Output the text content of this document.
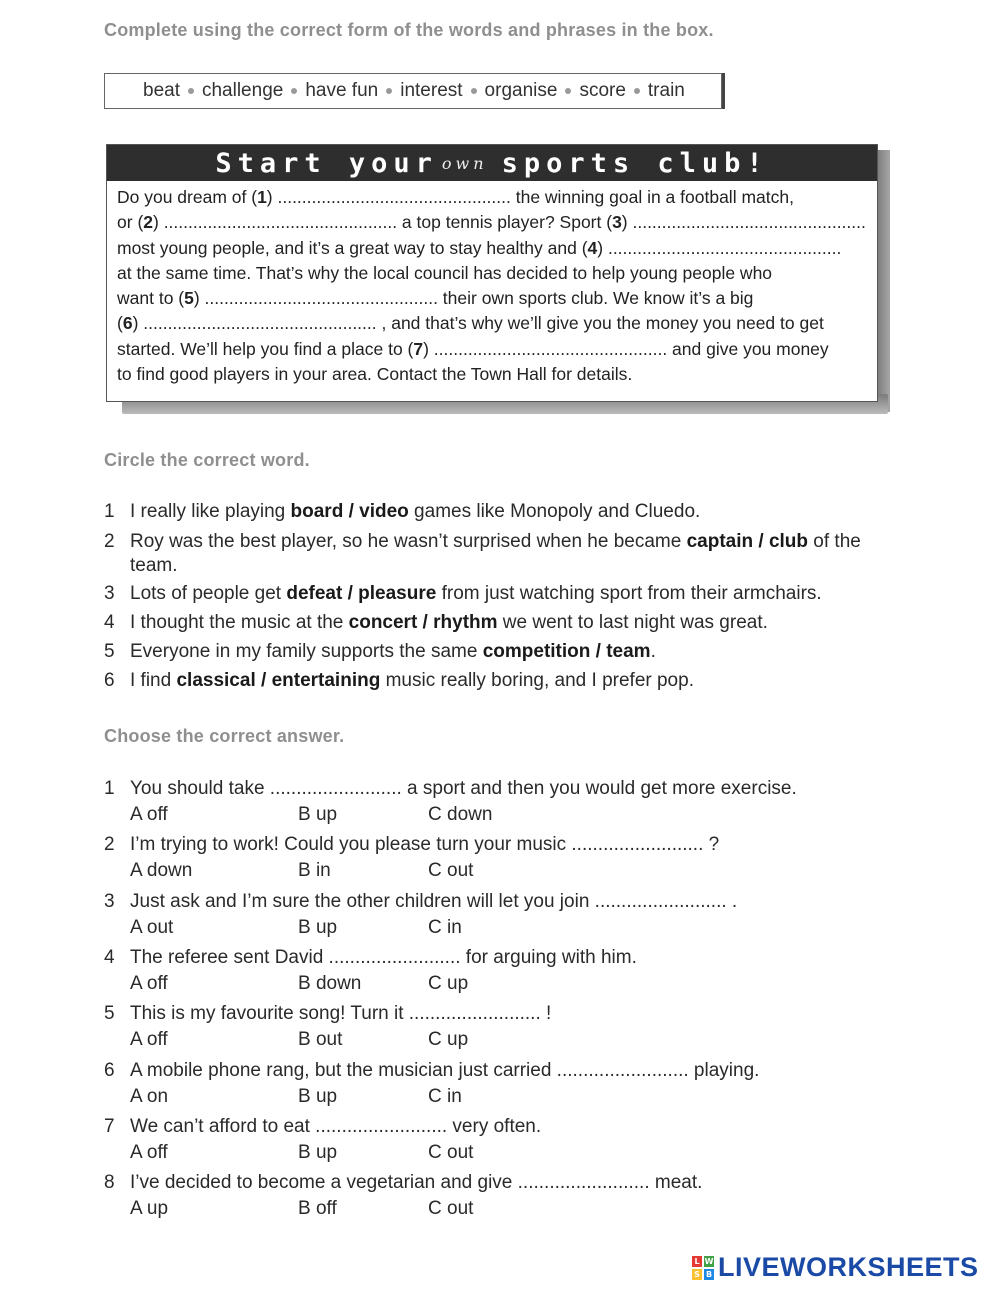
Complete using the correct form of the words and phrases in the box.
beat challenge have fun interest organise score train
Start your own sports club!
Do you dream of (1) ................................................ the winning goal in a football match,
or (2) ................................................ a top tennis player? Sport (3) ................................................
most young people, and it’s a great way to stay healthy and (4) ................................................
at the same time. That’s why the local council has decided to help young people who
want to (5) ................................................ their own sports club. We know it’s a big
(6) ................................................ , and that’s why we’ll give you the money you need to get
started. We’ll help you find a place to (7) ................................................ and give you money
to find good players in your area. Contact the Town Hall for details.
Circle the correct word.
1 I really like playing board / video games like Monopoly and Cluedo.
2 Roy was the best player, so he wasn’t surprised when he became captain / club of the
team.
3 Lots of people get defeat / pleasure from just watching sport from their armchairs.
4 I thought the music at the concert / rhythm we went to last night was great.
5 Everyone in my family supports the same competition / team.
6 I find classical / entertaining music really boring, and I prefer pop.
Choose the correct answer.
1 You should take ......................... a sport and then you would get more exercise.
A off	B up	C down
2 I’m trying to work! Could you please turn your music ......................... ?
A down	B in	C out
3 Just ask and I’m sure the other children will let you join ......................... .
A out	B up	C in
4 The referee sent David ......................... for arguing with him.
A off	B down	C up
5 This is my favourite song! Turn it ......................... !
A off	B out	C up
6 A mobile phone rang, but the musician just carried ......................... playing.
A on	B up	C in
7 We can’t afford to eat ......................... very often.
A off	B up	C out
8 I’ve decided to become a vegetarian and give ......................... meat.
A up	B off	C out
L W
S B LIVEWORKSHEETS
